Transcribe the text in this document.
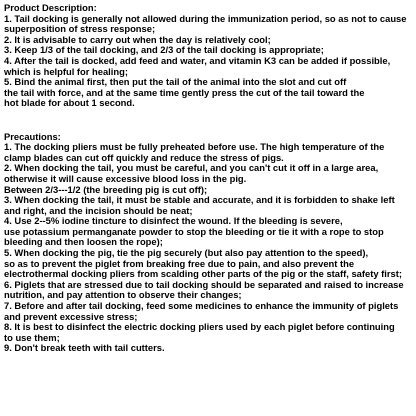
Product Description:
1. Tail docking is generally not allowed during the immunization period, so as not to cause
superposition of stress response;
2. It is advisable to carry out when the day is relatively cool;
3. Keep 1/3 of the tail docking, and 2/3 of the tail docking is appropriate;
4. After the tail is docked, add feed and water, and vitamin K3 can be added if possible,
which is helpful for healing;
5. Bind the animal first, then put the tail of the animal into the slot and cut off
the tail with force, and at the same time gently press the cut of the tail toward the
hot blade for about 1 second.
Precautions:
1. The docking pliers must be fully preheated before use. The high temperature of the
clamp blades can cut off quickly and reduce the stress of pigs.
2. When docking the tail, you must be careful, and you can't cut it off in a large area,
otherwise it will cause excessive blood loss in the pig.
Between 2/3---1/2 (the breeding pig is cut off);
3. When docking the tail, it must be stable and accurate, and it is forbidden to shake left
and right, and the incision should be neat;
4. Use 2--5% iodine tincture to disinfect the wound. If the bleeding is severe,
use potassium permanganate powder to stop the bleeding or tie it with a rope to stop
bleeding and then loosen the rope);
5. When docking the pig, tie the pig securely (but also pay attention to the speed),
so as to prevent the piglet from breaking free due to pain, and also prevent the
electrothermal docking pliers from scalding other parts of the pig or the staff, safety first;
6. Piglets that are stressed due to tail docking should be separated and raised to increase
nutrition, and pay attention to observe their changes;
7. Before and after tail docking, feed some medicines to enhance the immunity of piglets
and prevent excessive stress;
8. It is best to disinfect the electric docking pliers used by each piglet before continuing
to use them;
9. Don't break teeth with tail cutters.
